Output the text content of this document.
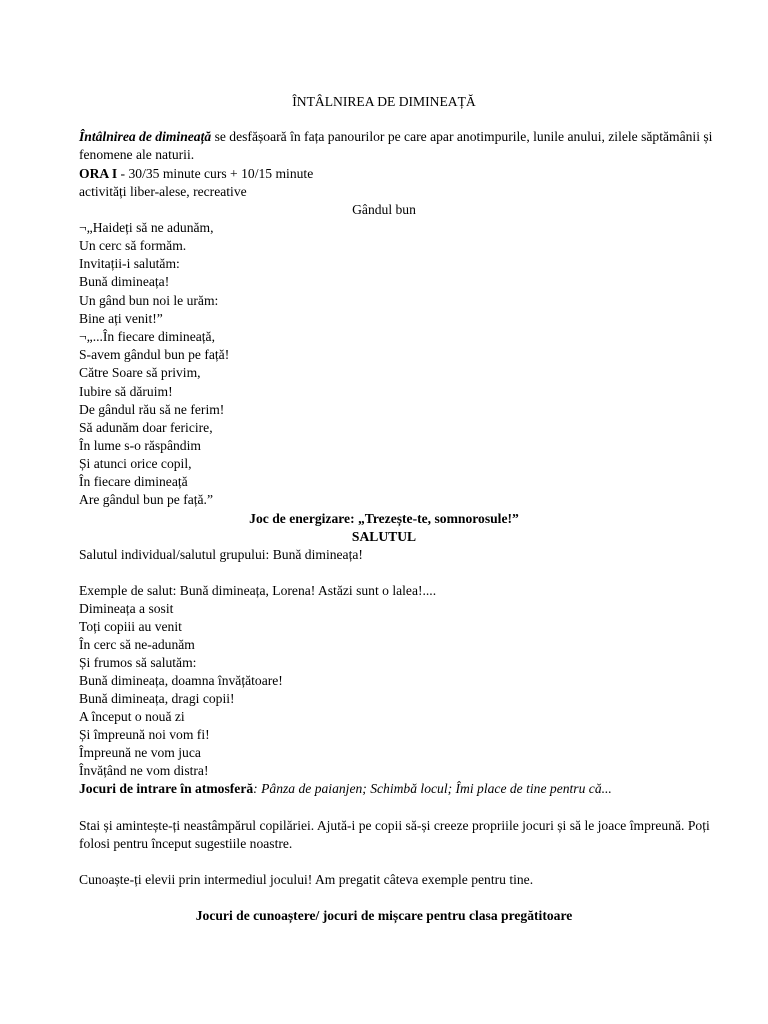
ÎNTÂLNIREA DE DIMINEAȚĂ
Întâlnirea de dimineață se desfășoară în fața panourilor pe care apar anotimpurile, lunile anului, zilele săptămânii și fenomene ale naturii.
ORA I - 30/35 minute curs + 10/15 minute
activități liber-alese, recreative
Gândul bun
¬„Haideți să ne adunăm,
Un cerc să formăm.
Invitații-i salutăm:
Bună dimineața!
Un gând bun noi le urăm:
Bine ați venit!”
¬„...În fiecare dimineață,
S-avem gândul bun pe față!
Către Soare să privim,
Iubire să dăruim!
De gândul rău să ne ferim!
Să adunăm doar fericire,
În lume s-o răspândim
Și atunci orice copil,
În fiecare dimineață
Are gândul bun pe față.”
Joc de energizare: „Trezește-te, somnorosule!”
SALUTUL
Salutul individual/salutul grupului: Bună dimineața!
Exemple de salut: Bună dimineața, Lorena! Astăzi sunt o lalea!....
Dimineața a sosit
Toți copiii au venit
În cerc să ne-adunăm
Și frumos să salutăm:
Bună dimineața, doamna învățătoare!
Bună dimineața, dragi copii!
A început o nouă zi
Și împreună noi vom fi!
Împreună ne vom juca
Învățând ne vom distra!
Jocuri de intrare în atmosferă: Pânza de paianjen; Schimbă locul; Îmi place de tine pentru că...
Stai și amintește-ți neastâmpărul copilăriei. Ajută-i pe copii să-și creeze propriile jocuri și să le joace împreună. Poți folosi pentru început sugestiile noastre.
Cunoaște-ți elevii prin intermediul jocului! Am pregatit câteva exemple pentru tine.
Jocuri de cunoaștere/ jocuri de mișcare pentru clasa pregătitoare
